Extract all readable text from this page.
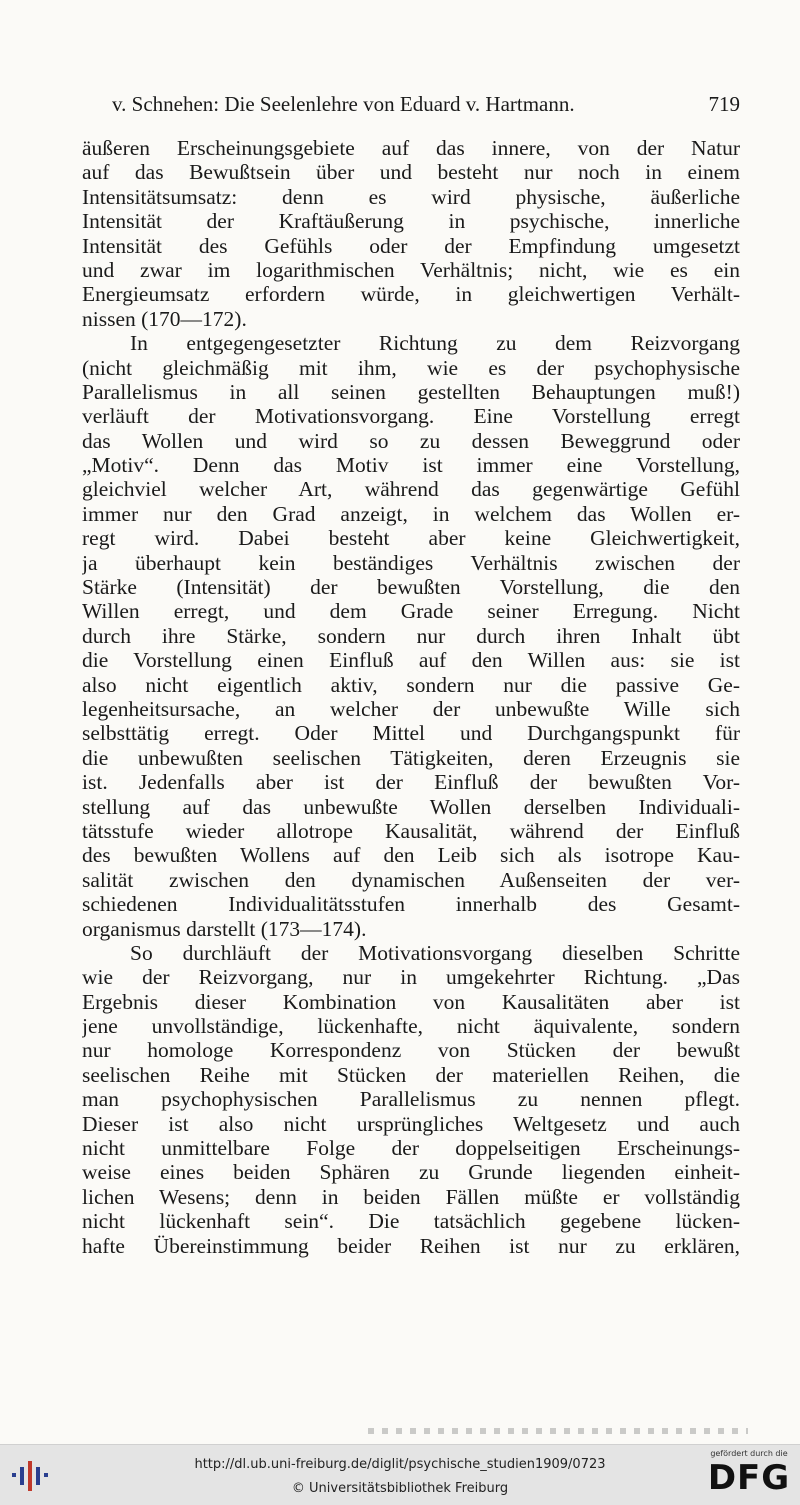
v. Schnehen: Die Seelenlehre von Eduard v. Hartmann.	719
äußeren Erscheinungsgebiete auf das innere, von der Natur
auf das Bewußtsein über und besteht nur noch in einem
Intensitätsumsatz: denn es wird physische, äußerliche
Intensität der Kraftäußerung in psychische, innerliche
Intensität des Gefühls oder der Empfindung umgesetzt
und zwar im logarithmischen Verhältnis; nicht, wie es ein
Energieumsatz erfordern würde, in gleichwertigen Verhält-
nissen (170—172).
In entgegengesetzter Richtung zu dem Reizvorgang
(nicht gleichmäßig mit ihm, wie es der psychophysische
Parallelismus in all seinen gestellten Behauptungen muß!)
verläuft der Motivationsvorgang. Eine Vorstellung erregt
das Wollen und wird so zu dessen Beweggrund oder
„Motiv“. Denn das Motiv ist immer eine Vorstellung,
gleichviel welcher Art, während das gegenwärtige Gefühl
immer nur den Grad anzeigt, in welchem das Wollen er-
regt wird. Dabei besteht aber keine Gleichwertigkeit,
ja überhaupt kein beständiges Verhältnis zwischen der
Stärke (Intensität) der bewußten Vorstellung, die den
Willen erregt, und dem Grade seiner Erregung. Nicht
durch ihre Stärke, sondern nur durch ihren Inhalt übt
die Vorstellung einen Einfluß auf den Willen aus: sie ist
also nicht eigentlich aktiv, sondern nur die passive Ge-
legenheitsursache, an welcher der unbewußte Wille sich
selbsttätig erregt. Oder Mittel und Durchgangspunkt für
die unbewußten seelischen Tätigkeiten, deren Erzeugnis sie
ist. Jedenfalls aber ist der Einfluß der bewußten Vor-
stellung auf das unbewußte Wollen derselben Individuali-
tätsstufe wieder allotrope Kausalität, während der Einfluß
des bewußten Wollens auf den Leib sich als isotrope Kau-
salität zwischen den dynamischen Außenseiten der ver-
schiedenen Individualitätsstufen innerhalb des Gesamt-
organismus darstellt (173—174).
So durchläuft der Motivationsvorgang dieselben Schritte
wie der Reizvorgang, nur in umgekehrter Richtung. „Das
Ergebnis dieser Kombination von Kausalitäten aber ist
jene unvollständige, lückenhafte, nicht äquivalente, sondern
nur homologe Korrespondenz von Stücken der bewußt
seelischen Reihe mit Stücken der materiellen Reihen, die
man psychophysischen Parallelismus zu nennen pflegt.
Dieser ist also nicht ursprüngliches Weltgesetz und auch
nicht unmittelbare Folge der doppelseitigen Erscheinungs-
weise eines beiden Sphären zu Grunde liegenden einheit-
lichen Wesens; denn in beiden Fällen müßte er vollständig
nicht lückenhaft sein“. Die tatsächlich gegebene lücken-
hafte Übereinstimmung beider Reihen ist nur zu erklären,
http://dl.ub.uni-freiburg.de/diglit/psychische_studien1909/0723
© Universitätsbibliothek Freiburg
gefördert durch die
DFG
